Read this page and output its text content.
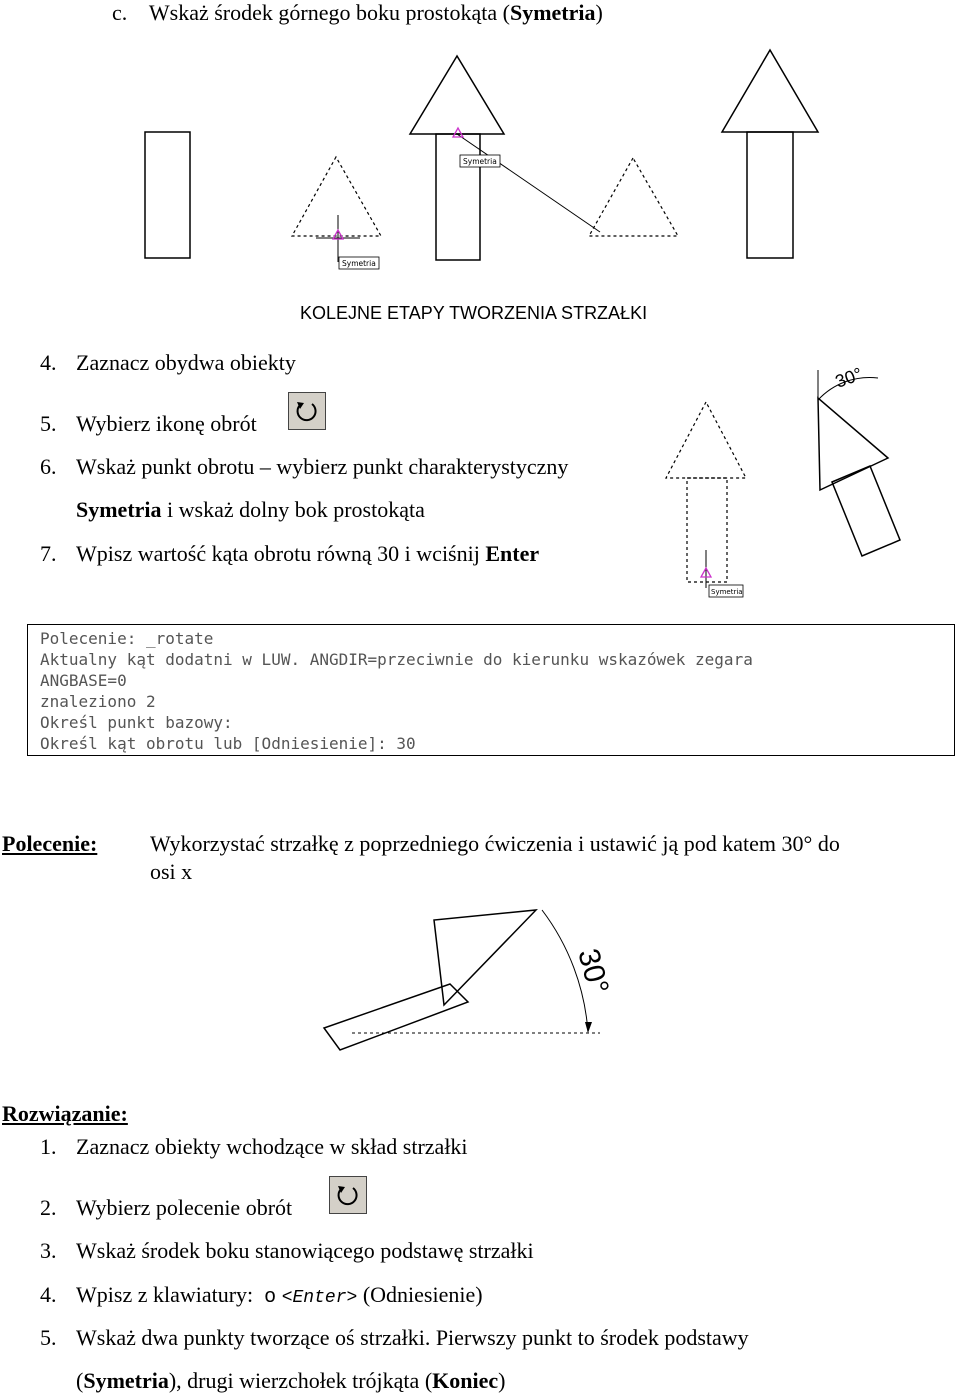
c. Wskaż środek górnego boku prostokąta (Symetria)
Symetria
Symetria
KOLEJNE ETAPY TWORZENIA STRZAŁKI
4. Zaznacz obydwa obiekty
5. Wybierz ikonę obrót
6. Wskaż punkt obrotu – wybierz punkt charakterystyczny
Symetria i wskaż dolny bok prostokąta
7. Wpisz wartość kąta obrotu równą 30 i wciśnij Enter
Symetria
30°
Polecenie: _rotate
Aktualny kąt dodatni w LUW. ANGDIR=przeciwnie do kierunku wskazówek zegara
ANGBASE=0
znaleziono 2
Określ punkt bazowy:
Określ kąt obrotu lub [Odniesienie]: 30
Polecenie: Wykorzystać strzałkę z poprzedniego ćwiczenia i ustawić ją pod katem 30° do
osi x
30°
Rozwiązanie:
1. Zaznacz obiekty wchodzące w skład strzałki
2. Wybierz polecenie obrót
3. Wskaż środek boku stanowiącego podstawę strzałki
4. Wpisz z klawiatury: o <Enter> (Odniesienie)
5. Wskaż dwa punkty tworzące oś strzałki. Pierwszy punkt to środek podstawy
(Symetria), drugi wierzchołek trójkąta (Koniec)
